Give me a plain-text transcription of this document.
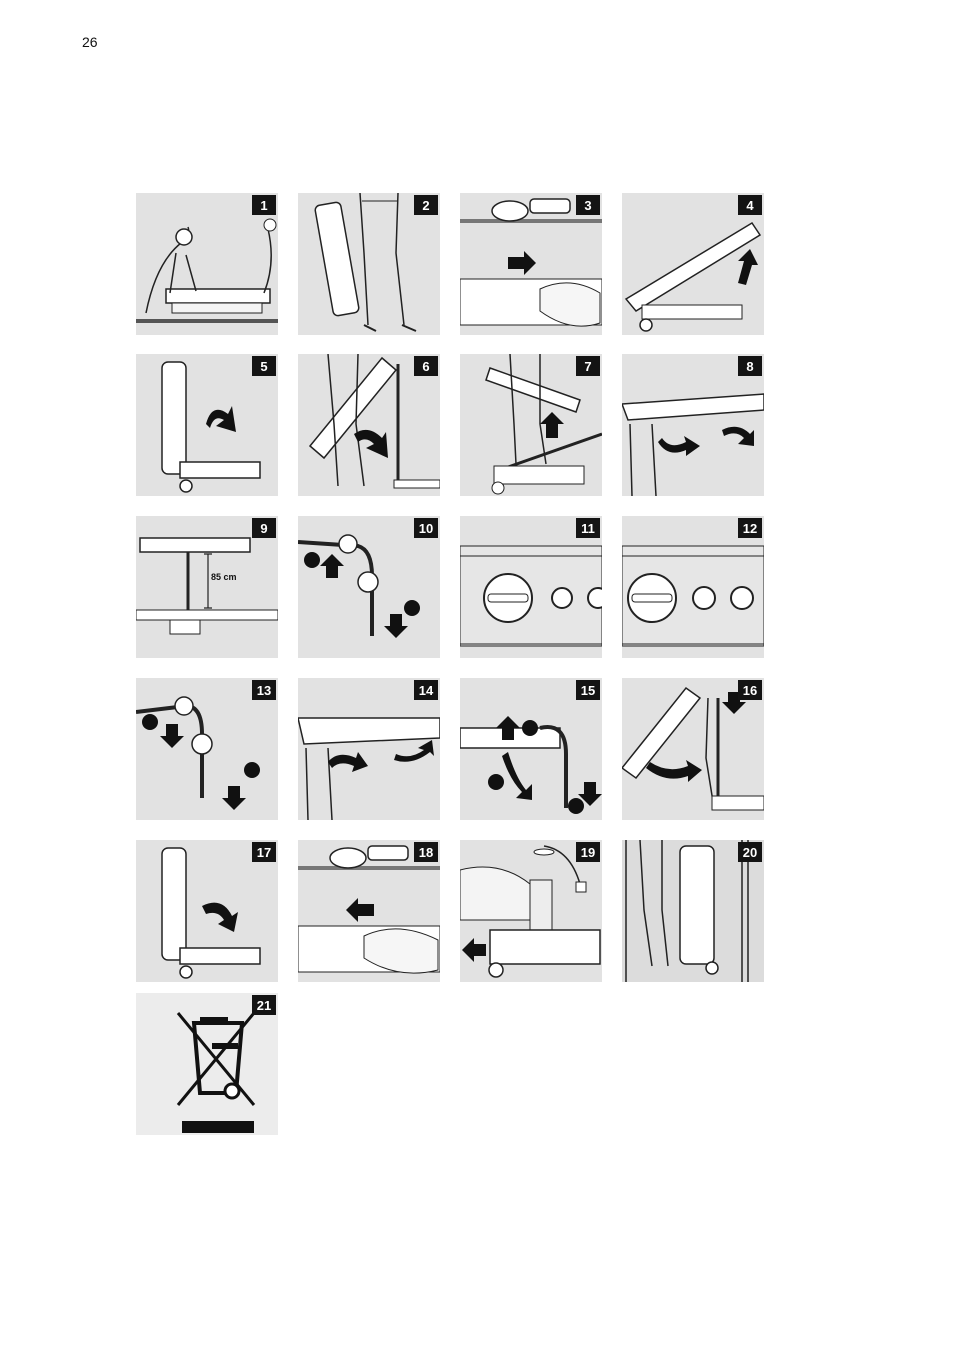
26
1	2	3	4
5	6	7	8
85 cm
9	10	11	12
13	14	15	16
17	18	19	20
21
